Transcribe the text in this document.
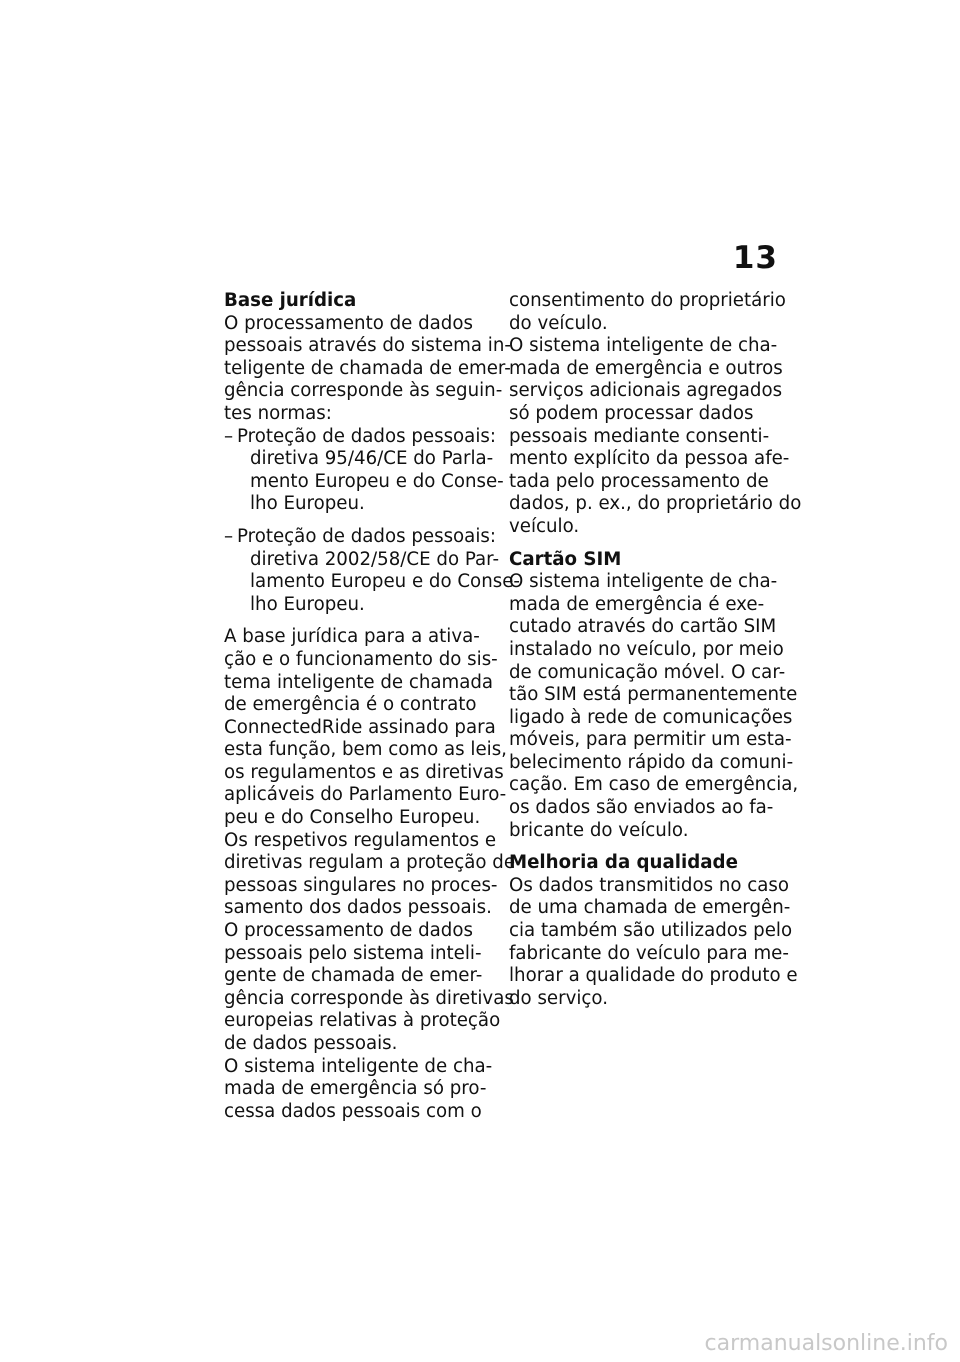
13
Base jurídica
O processamento de dados
pessoais através do sistema in-
teligente de chamada de emer-
gência corresponde às seguin-
tes normas:
– Proteção de dados pessoais:
diretiva 95/46/CE do Parla-
mento Europeu e do Conse-
lho Europeu.
– Proteção de dados pessoais:
diretiva 2002/58/CE do Par-
lamento Europeu e do Conse-
lho Europeu.
A base jurídica para a ativa-
ção e o funcionamento do sis-
tema inteligente de chamada
de emergência é o contrato
ConnectedRide assinado para
esta função, bem como as leis,
os regulamentos e as diretivas
aplicáveis do Parlamento Euro-
peu e do Conselho Europeu.
Os respetivos regulamentos e
diretivas regulam a proteção de
pessoas singulares no proces-
samento dos dados pessoais.
O processamento de dados
pessoais pelo sistema inteli-
gente de chamada de emer-
gência corresponde às diretivas
europeias relativas à proteção
de dados pessoais.
O sistema inteligente de cha-
mada de emergência só pro-
cessa dados pessoais com o
consentimento do proprietário
do veículo.
O sistema inteligente de cha-
mada de emergência e outros
serviços adicionais agregados
só podem processar dados
pessoais mediante consenti-
mento explícito da pessoa afe-
tada pelo processamento de
dados, p. ex., do proprietário do
veículo.
Cartão SIM
O sistema inteligente de cha-
mada de emergência é exe-
cutado através do cartão SIM
instalado no veículo, por meio
de comunicação móvel. O car-
tão SIM está permanentemente
ligado à rede de comunicações
móveis, para permitir um esta-
belecimento rápido da comuni-
cação. Em caso de emergência,
os dados são enviados ao fa-
bricante do veículo.
Melhoria da qualidade
Os dados transmitidos no caso
de uma chamada de emergên-
cia também são utilizados pelo
fabricante do veículo para me-
lhorar a qualidade do produto e
do serviço.
carmanualsonline.info
